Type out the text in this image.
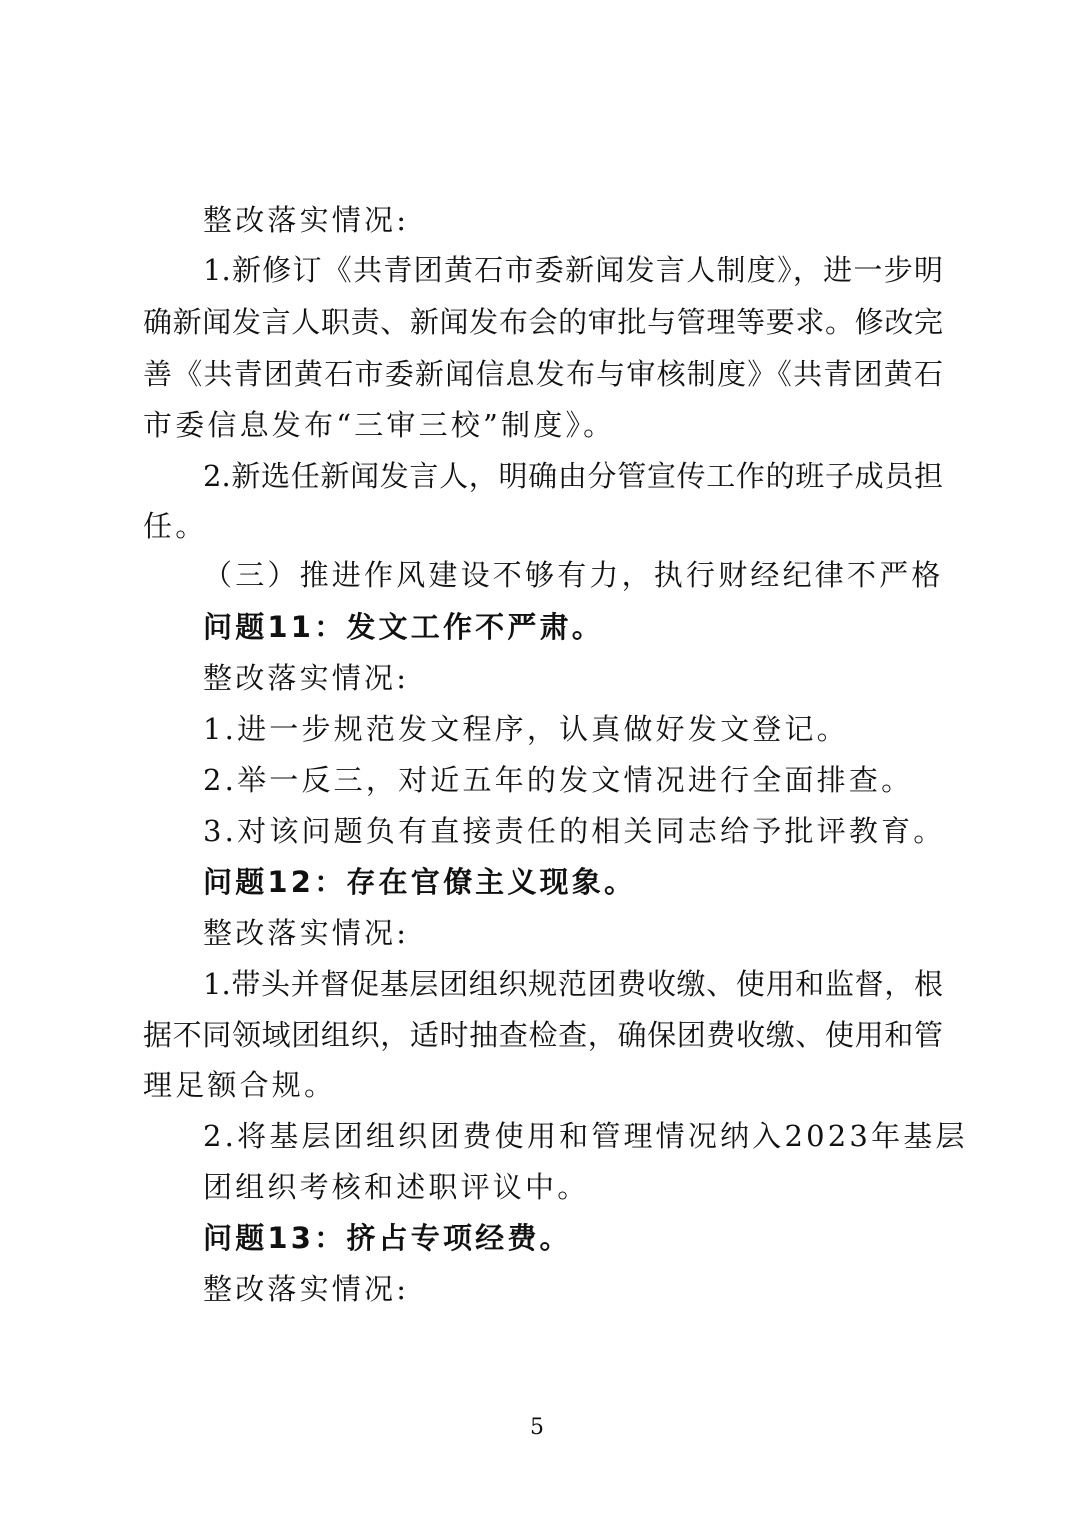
整改落实情况:
1.新修订《共青团黄石市委新闻发言人制度》，进一步明
确新闻发言人职责、新闻发布会的审批与管理等要求。修改完
善《共青团黄石市委新闻信息发布与审核制度》《共青团黄石
市委信息发布“三审三校”制度》。
2.新选任新闻发言人，明确由分管宣传工作的班子成员担
任。
（三）推进作风建设不够有力，执行财经纪律不严格
问题11：发文工作不严肃。
整改落实情况:
1.进一步规范发文程序，认真做好发文登记。
2.举一反三，对近五年的发文情况进行全面排查。
3.对该问题负有直接责任的相关同志给予批评教育。
问题12：存在官僚主义现象。
整改落实情况:
1.带头并督促基层团组织规范团费收缴、使用和监督，根
据不同领域团组织，适时抽查检查，确保团费收缴、使用和管
理足额合规。
2.将基层团组织团费使用和管理情况纳入2023年基层
团组织考核和述职评议中。
问题13：挤占专项经费。
整改落实情况:
5
